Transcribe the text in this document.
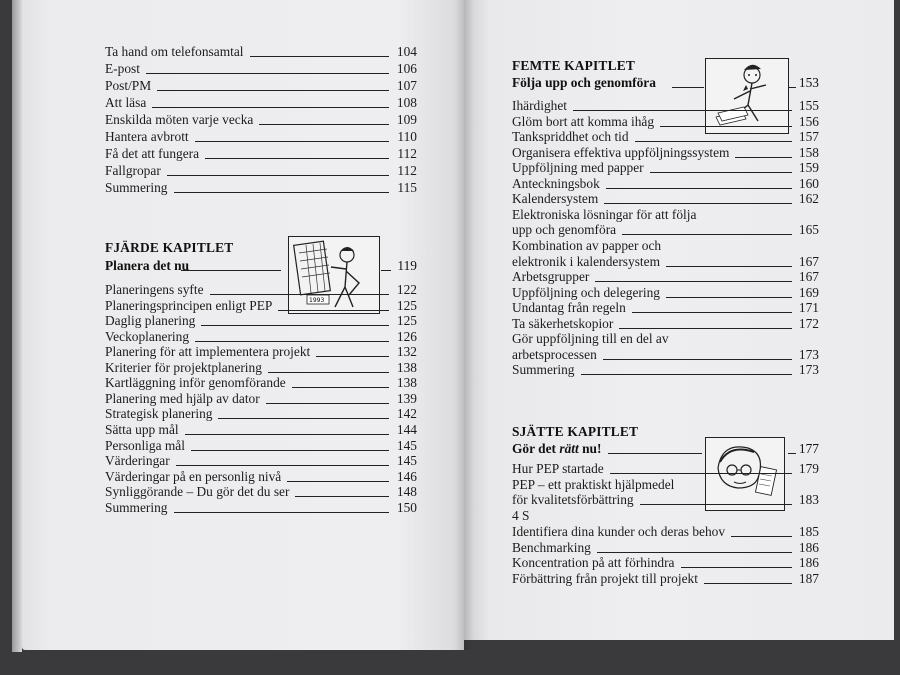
Ta hand om telefonsamtal	104
E-post	106
Post/PM	107
Att läsa	108
Enskilda möten varje vecka	109
Hantera avbrott	110
Få det att fungera	112
Fallgropar	112
Summering	115
FJÄRDE KAPITLET
Planera det nu	119
1993
Planeringens syfte	122
Planeringsprincipen enligt PEP	125
Daglig planering	125
Veckoplanering	126
Planering för att implementera projekt	132
Kriterier för projektplanering	138
Kartläggning inför genomförande	138
Planering med hjälp av dator	139
Strategisk planering	142
Sätta upp mål	144
Personliga mål	145
Värderingar	145
Värderingar på en personlig nivå	146
Synliggörande – Du gör det du ser	148
Summering	150
FEMTE KAPITLET
Följa upp och genomföra	153
Ihärdighet	155
Glöm bort att komma ihåg	156
Tankspriddhet och tid	157
Organisera effektiva uppföljningssystem	158
Uppföljning med papper	159
Anteckningsbok	160
Kalendersystem	162
Elektroniska lösningar för att följa
upp och genomföra	165
Kombination av papper och
elektronik i kalendersystem	167
Arbetsgrupper	167
Uppföljning och delegering	169
Undantag från regeln	171
Ta säkerhetskopior	172
Gör uppföljning till en del av
arbetsprocessen	173
Summering	173
SJÄTTE KAPITLET
Gör det rätt nu!	177
Hur PEP startade	179
PEP – ett praktiskt hjälpmedel
för kvalitetsförbättring	183
4 S
Identifiera dina kunder och deras behov	185
Benchmarking	186
Koncentration på att förhindra	186
Förbättring från projekt till projekt	187
